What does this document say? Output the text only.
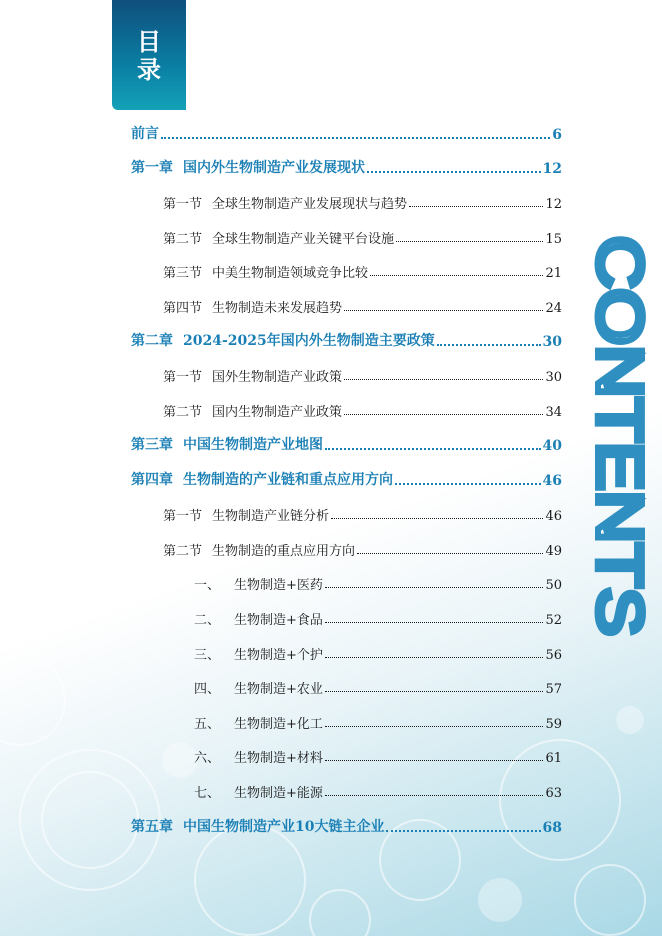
目录
CONTENTS
前言	6
第一章 国内外生物制造产业发展现状	12
第一节 全球生物制造产业发展现状与趋势	12
第二节 全球生物制造产业关键平台设施	15
第三节 中美生物制造领域竞争比较	21
第四节 生物制造未来发展趋势	24
第二章 2024-2025年国内外生物制造主要政策	30
第一节 国外生物制造产业政策	30
第二节 国内生物制造产业政策	34
第三章 中国生物制造产业地图	40
第四章 生物制造的产业链和重点应用方向	46
第一节 生物制造产业链分析	46
第二节 生物制造的重点应用方向	49
一、 生物制造+医药	50
二、 生物制造+食品	52
三、 生物制造+个护	56
四、 生物制造+农业	57
五、 生物制造+化工	59
六、 生物制造+材料	61
七、 生物制造+能源	63
第五章 中国生物制造产业10大链主企业	68
